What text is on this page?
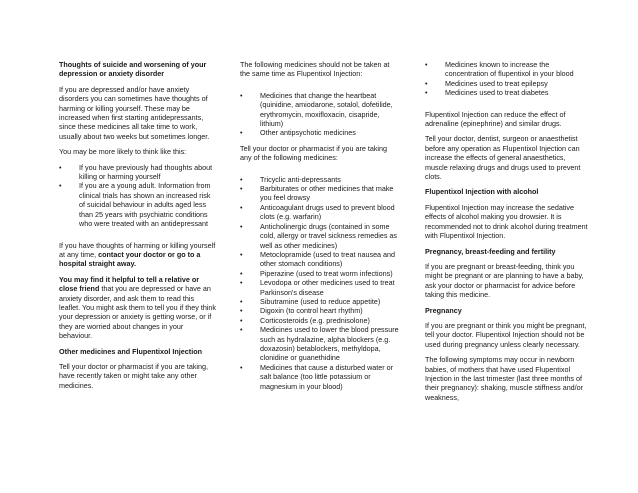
Thoughts of suicide and worsening of your depression or anxiety disorder

If you are depressed and/or have anxiety disorders you can sometimes have thoughts of harming or killing yourself. These may be increased when first starting antidepressants, since these medicines all take time to work, usually about two weeks but sometimes longer.

You may be more likely to think like this:

• If you have previously had thoughts about killing or harming yourself
• If you are a young adult. Information from clinical trials has shown an increased risk of suicidal behaviour in adults aged less than 25 years with psychiatric conditions who were treated with an antidepressant

If you have thoughts of harming or killing yourself at any time, contact your doctor or go to a hospital straight away.

You may find it helpful to tell a relative or close friend that you are depressed or have an anxiety disorder, and ask them to read this leaflet. You might ask them to tell you if they think your depression or anxiety is getting worse, or if they are worried about changes in your behaviour.

Other medicines and Flupentixol Injection

Tell your doctor or pharmacist if you are taking, have recently taken or might take any other medicines.

The following medicines should not be taken at the same time as Flupentixol Injection:

• Medicines that change the heartbeat (quinidine, amiodarone, sotalol, dofetilide, erythromycin, moxifloxacin, cisapride, lithium)
• Other antipsychotic medicines

Tell your doctor or pharmacist if you are taking any of the following medicines:

• Tricyclic anti-depressants
• Barbiturates or other medicines that make you feel drowsy
• Anticoagulant drugs used to prevent blood clots (e.g. warfarin)
• Anticholinergic drugs (contained in some cold, allergy or travel sickness remedies as well as other medicines)
• Metoclopramide (used to treat nausea and other stomach conditions)
• Piperazine (used to treat worm infections)
• Levodopa or other medicines used to treat Parkinson's disease
• Sibutramine (used to reduce appetite)
• Digoxin (to control heart rhythm)
• Corticosteroids (e.g. prednisolone)
• Medicines used to lower the blood pressure such as hydralazine, alpha blockers (e.g. doxazosin) betablockers, methyldopa, clonidine or guanethidine
• Medicines that cause a disturbed water or salt balance (too little potassium or magnesium in your blood)
• Medicines known to increase the concentration of flupentixol in your blood
• Medicines used to treat epilepsy
• Medicines used to treat diabetes

Flupentixol Injection can reduce the effect of adrenaline (epinephrine) and similar drugs.

Tell your doctor, dentist, surgeon or anaesthetist before any operation as Flupentixol Injection can increase the effects of general anaesthetics, muscle relaxing drugs and drugs used to prevent clots.

Flupentixol Injection with alcohol

Flupentixol Injection may increase the sedative effects of alcohol making you drowsier. It is recommended not to drink alcohol during treatment with Flupentixol Injection.

Pregnancy, breast-feeding and fertility

If you are pregnant or breast-feeding, think you might be pregnant or are planning to have a baby, ask your doctor or pharmacist for advice before taking this medicine.

Pregnancy

If you are pregnant or think you might be pregnant, tell your doctor. Flupentixol Injection should not be used during pregnancy unless clearly necessary.

The following symptoms may occur in newborn babies, of mothers that have used Flupentixol Injection in the last trimester (last three months of their pregnancy): shaking, muscle stiffness and/or weakness,
